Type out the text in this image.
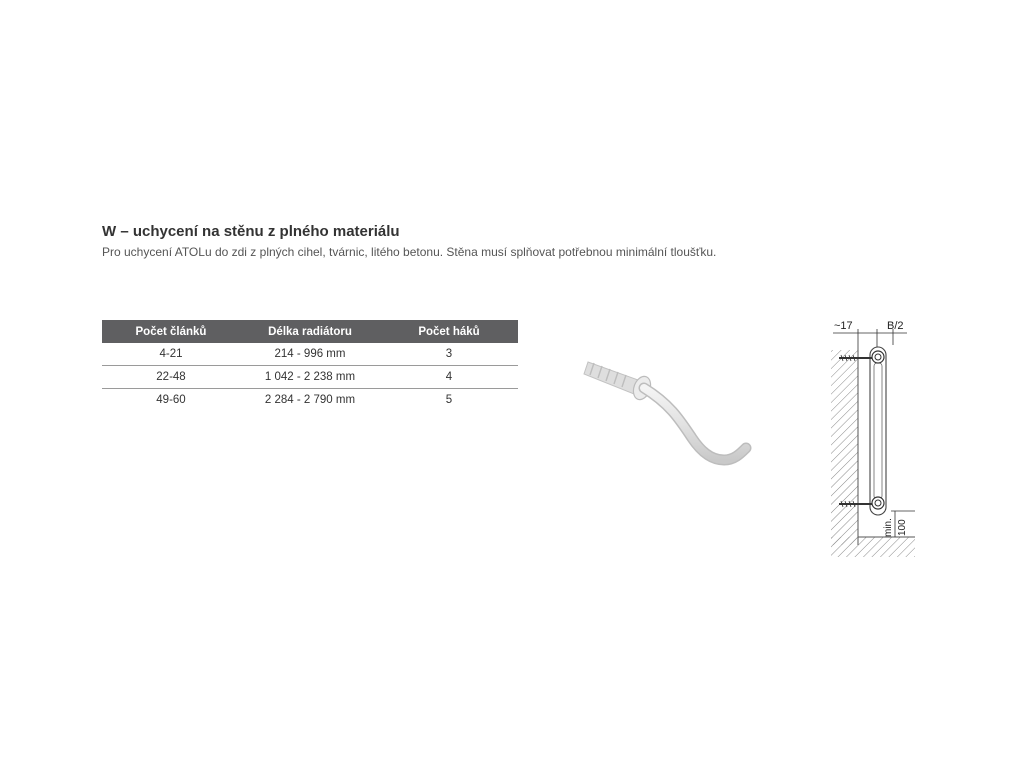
W – uchycení na stěnu z plného materiálu
Pro uchycení ATOLu do zdi z plných cihel, tvárnic, litého betonu. Stěna musí splňovat potřebnou minimální tloušťku.
Počet článků	Délka radiátoru	Počet háků
4-21	214 - 996 mm	3
22-48	1 042 - 2 238 mm	4
49-60	2 284 - 2 790 mm	5
~17	B/2
min. 100
